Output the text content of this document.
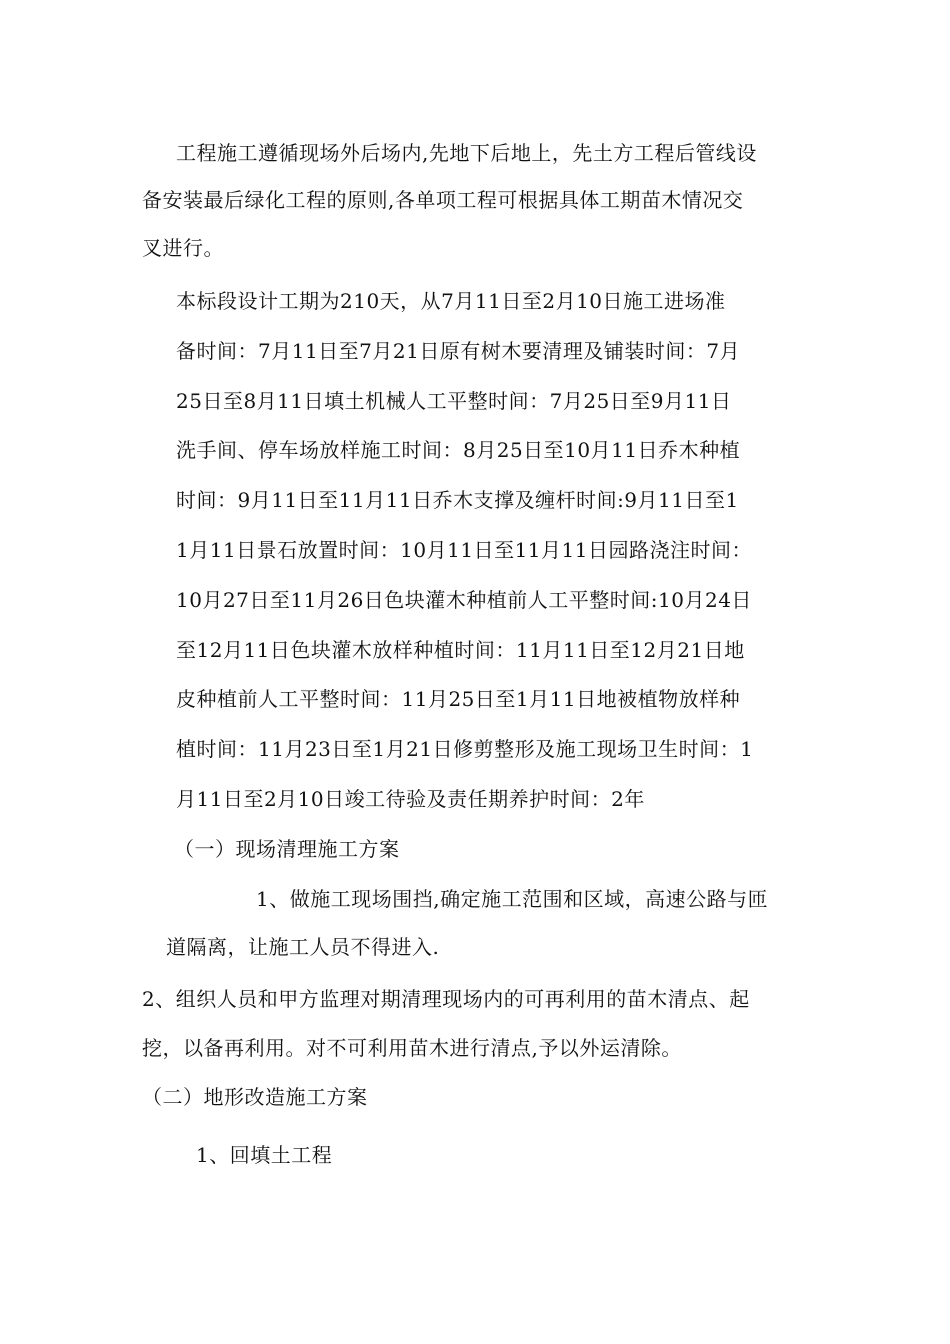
工程施工遵循现场外后场内,先地下后地上，先土方工程后管线设
备安装最后绿化工程的原则,各单项工程可根据具体工期苗木情况交
叉进行。
本标段设计工期为210天，从7月11日至2月10日施工进场准
备时间：7月11日至7月21日原有树木要清理及铺装时间：7月
25日至8月11日填土机械人工平整时间：7月25日至9月11日
洗手间、停车场放样施工时间：8月25日至10月11日乔木种植
时间：9月11日至11月11日乔木支撑及缠杆时间:9月11日至1
1月11日景石放置时间：10月11日至11月11日园路浇注时间：
10月27日至11月26日色块灌木种植前人工平整时间:10月24日
至12月11日色块灌木放样种植时间：11月11日至12月21日地
皮种植前人工平整时间：11月25日至1月11日地被植物放样种
植时间：11月23日至1月21日修剪整形及施工现场卫生时间：1
月11日至2月10日竣工待验及责任期养护时间：2年
（一）现场清理施工方案
1、做施工现场围挡,确定施工范围和区域，高速公路与匝
道隔离，让施工人员不得进入.
2、组织人员和甲方监理对期清理现场内的可再利用的苗木清点、起
挖，以备再利用。对不可利用苗木进行清点,予以外运清除。
（二）地形改造施工方案
1、回填土工程
